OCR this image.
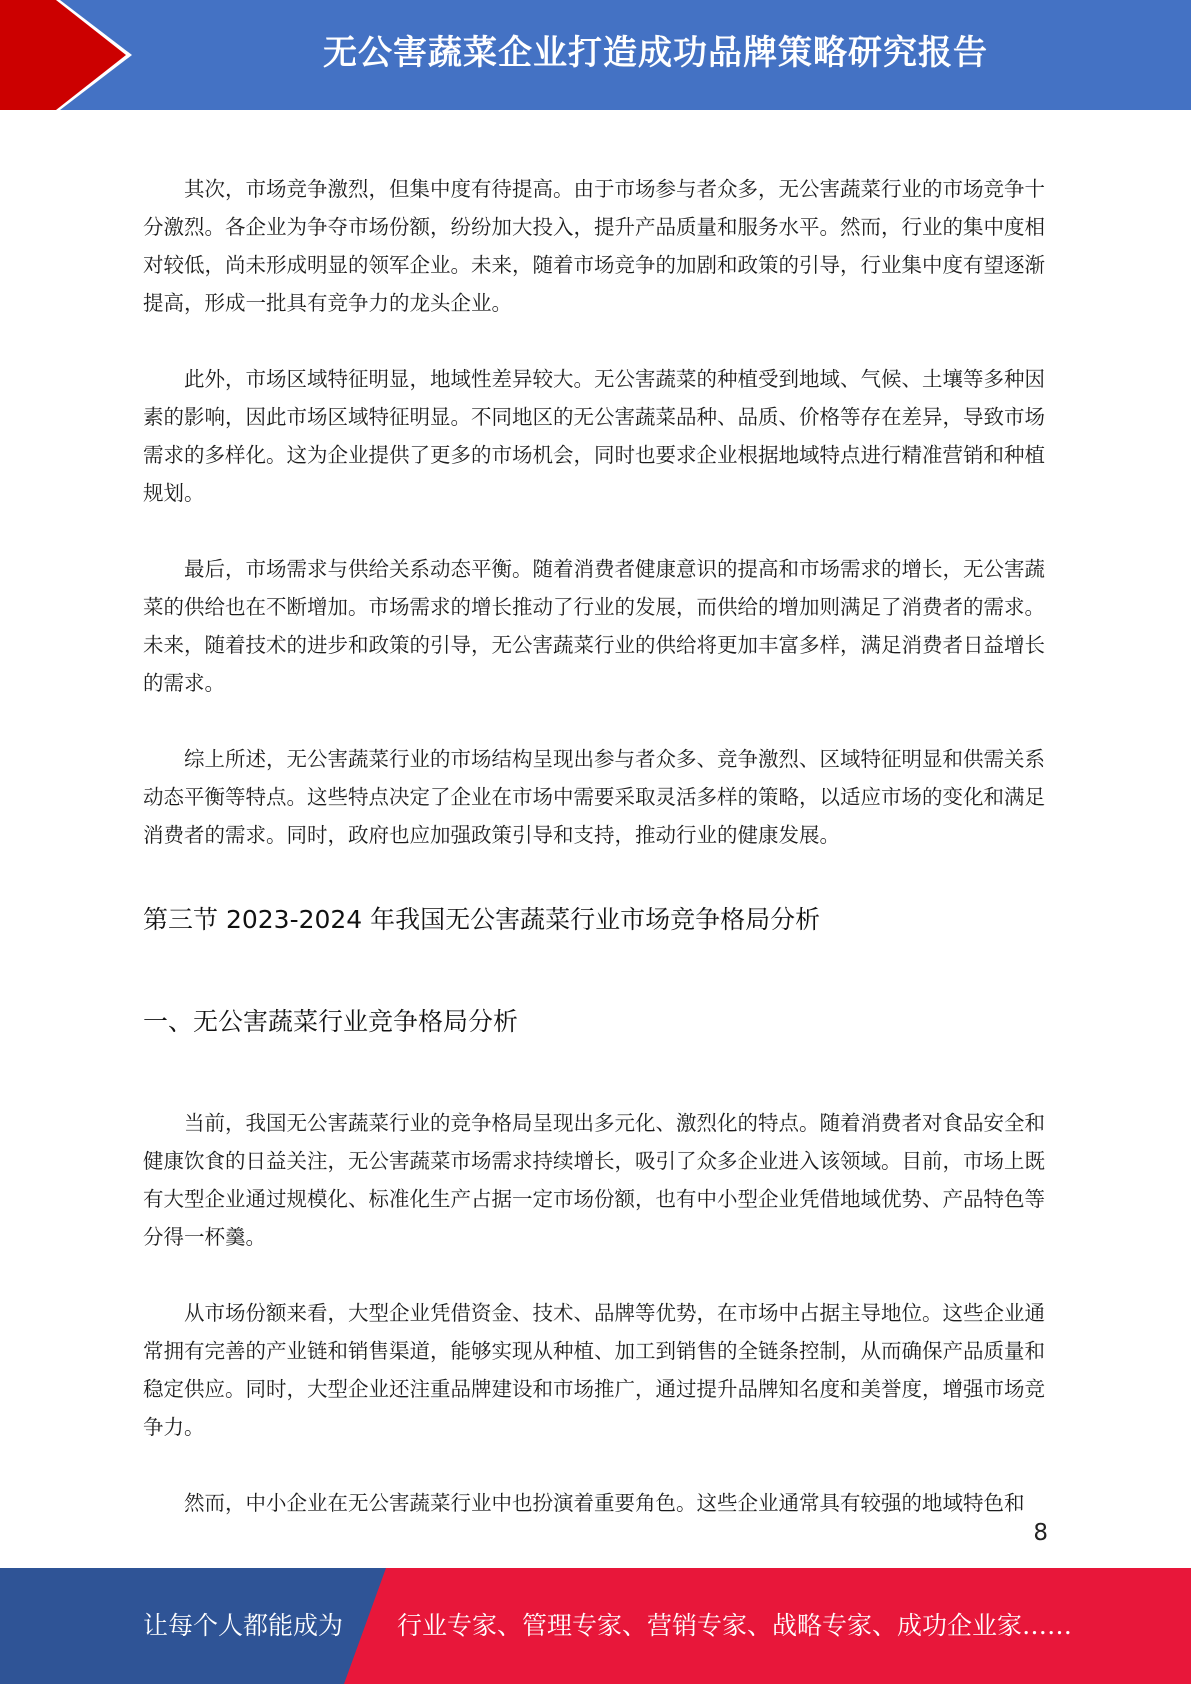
无公害蔬菜企业打造成功品牌策略研究报告

其次，市场竞争激烈，但集中度有待提高。由于市场参与者众多，无公害蔬菜行业的市场竞争十分激烈。各企业为争夺市场份额，纷纷加大投入，提升产品质量和服务水平。然而，行业的集中度相对较低，尚未形成明显的领军企业。未来，随着市场竞争的加剧和政策的引导，行业集中度有望逐渐提高，形成一批具有竞争力的龙头企业。

此外，市场区域特征明显，地域性差异较大。无公害蔬菜的种植受到地域、气候、土壤等多种因素的影响，因此市场区域特征明显。不同地区的无公害蔬菜品种、品质、价格等存在差异，导致市场需求的多样化。这为企业提供了更多的市场机会，同时也要求企业根据地域特点进行精准营销和种植规划。

最后，市场需求与供给关系动态平衡。随着消费者健康意识的提高和市场需求的增长，无公害蔬菜的供给也在不断增加。市场需求的增长推动了行业的发展，而供给的增加则满足了消费者的需求。未来，随着技术的进步和政策的引导，无公害蔬菜行业的供给将更加丰富多样，满足消费者日益增长的需求。

综上所述，无公害蔬菜行业的市场结构呈现出参与者众多、竞争激烈、区域特征明显和供需关系动态平衡等特点。这些特点决定了企业在市场中需要采取灵活多样的策略，以适应市场的变化和满足消费者的需求。同时，政府也应加强政策引导和支持，推动行业的健康发展。

第三节 2023-2024 年我国无公害蔬菜行业市场竞争格局分析
一、无公害蔬菜行业竞争格局分析

当前，我国无公害蔬菜行业的竞争格局呈现出多元化、激烈化的特点。随着消费者对食品安全和健康饮食的日益关注，无公害蔬菜市场需求持续增长，吸引了众多企业进入该领域。目前，市场上既有大型企业通过规模化、标准化生产占据一定市场份额，也有中小型企业凭借地域优势、产品特色等分得一杯羹。

从市场份额来看，大型企业凭借资金、技术、品牌等优势，在市场中占据主导地位。这些企业通常拥有完善的产业链和销售渠道，能够实现从种植、加工到销售的全链条控制，从而确保产品质量和稳定供应。同时，大型企业还注重品牌建设和市场推广，通过提升品牌知名度和美誉度，增强市场竞争力。

然而，中小企业在无公害蔬菜行业中也扮演着重要角色。这些企业通常具有较强的地域特色和

8
让每个人都能成为 行业专家、管理专家、营销专家、战略专家、成功企业家……
